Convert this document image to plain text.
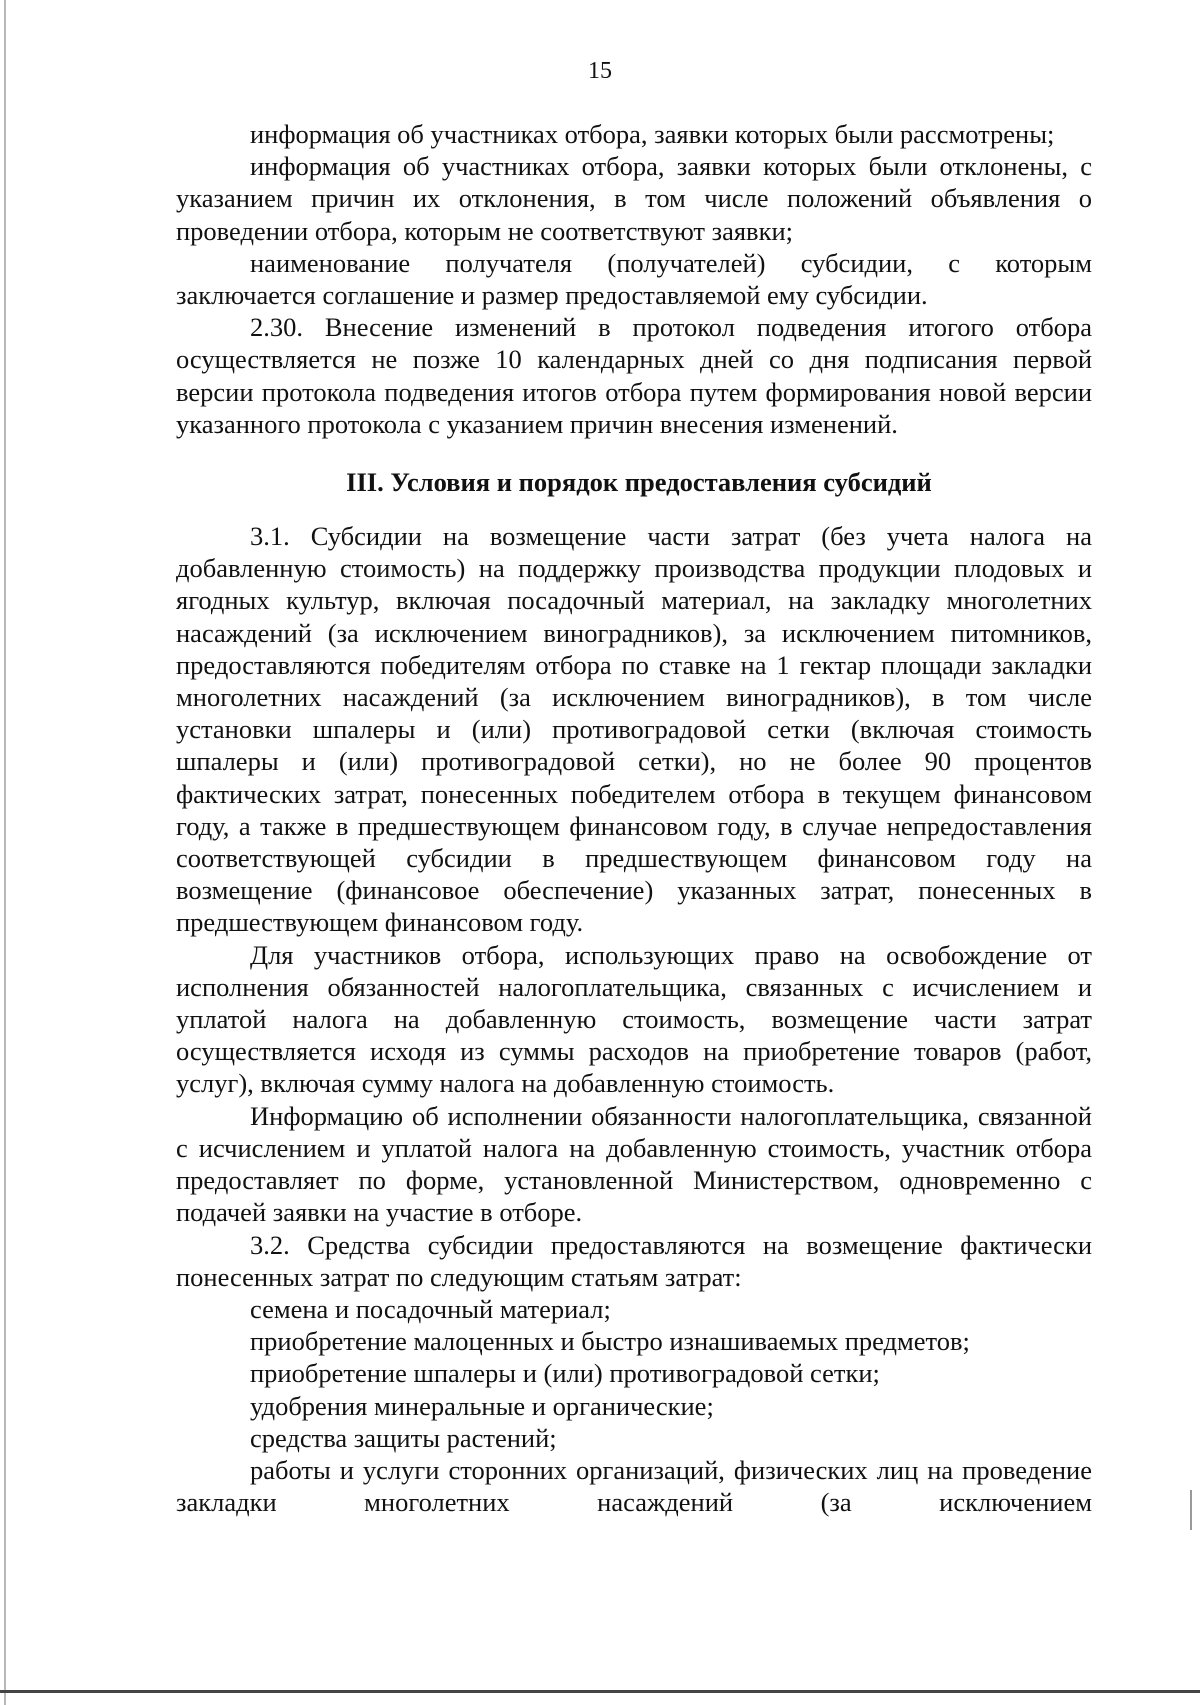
15

информация об участниках отбора, заявки которых были рассмотрены;

информация об участниках отбора, заявки которых были отклонены, с указанием причин их отклонения, в том числе положений объявления о проведении отбора, которым не соответствуют заявки;

наименование получателя (получателей) субсидии, с которым заключается соглашение и размер предоставляемой ему субсидии.

2.30. Внесение изменений в протокол подведения итогого отбора осуществляется не позже 10 календарных дней со дня подписания первой версии протокола подведения итогов отбора путем формирования новой версии указанного протокола с указанием причин внесения изменений.

III. Условия и порядок предоставления субсидий

3.1. Субсидии на возмещение части затрат (без учета налога на добавленную стоимость) на поддержку производства продукции плодовых и ягодных культур, включая посадочный материал, на закладку многолетних насаждений (за исключением виноградников), за исключением питомников, предоставляются победителям отбора по ставке на 1 гектар площади закладки многолетних насаждений (за исключением виноградников), в том числе установки шпалеры и (или) противоградовой сетки (включая стоимость шпалеры и (или) противоградовой сетки), но не более 90 процентов фактических затрат, понесенных победителем отбора в текущем финансовом году, а также в предшествующем финансовом году, в случае непредоставления соответствующей субсидии в предшествующем финансовом году на возмещение (финансовое обеспечение) указанных затрат, понесенных в предшествующем финансовом году.

Для участников отбора, использующих право на освобождение от исполнения обязанностей налогоплательщика, связанных с исчислением и уплатой налога на добавленную стоимость, возмещение части затрат осуществляется исходя из суммы расходов на приобретение товаров (работ, услуг), включая сумму налога на добавленную стоимость.

Информацию об исполнении обязанности налогоплательщика, связанной с исчислением и уплатой налога на добавленную стоимость, участник отбора предоставляет по форме, установленной Министерством, одновременно с подачей заявки на участие в отборе.

3.2. Средства субсидии предоставляются на возмещение фактически понесенных затрат по следующим статьям затрат:

семена и посадочный материал;

приобретение малоценных и быстро изнашиваемых предметов;

приобретение шпалеры и (или) противоградовой сетки;

удобрения минеральные и органические;

средства защиты растений;

работы и услуги сторонних организаций, физических лиц на проведение закладки многолетних насаждений (за исключением
